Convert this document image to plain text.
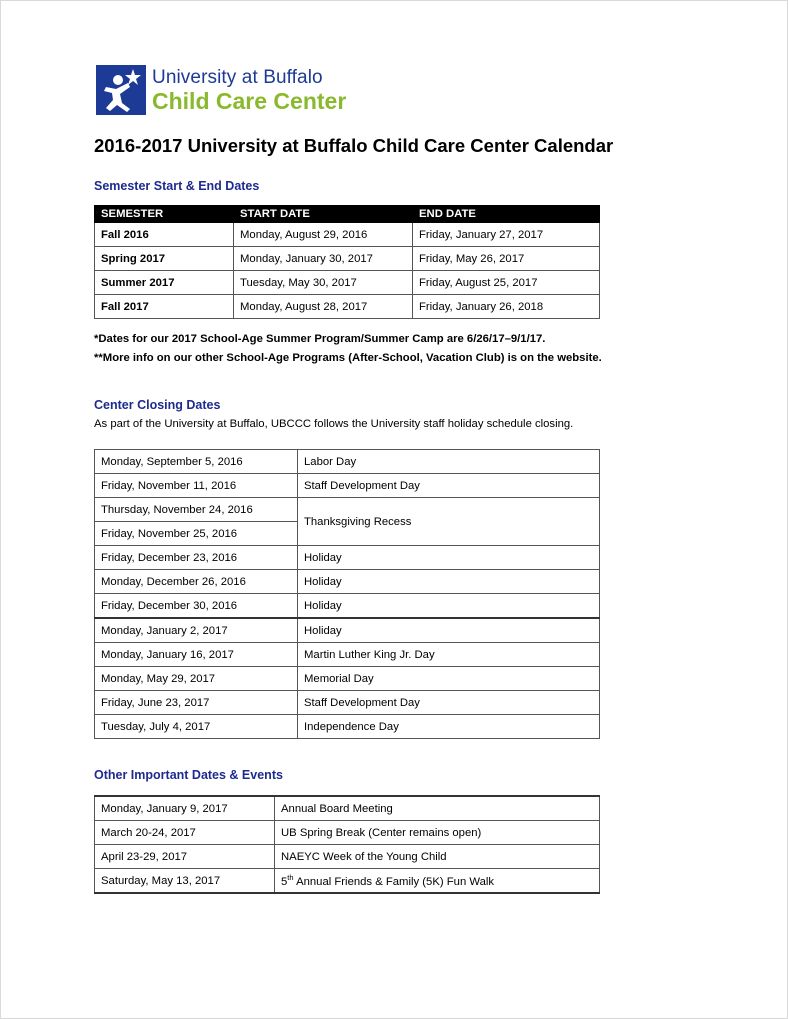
University at Buffalo
Child Care Center
2016-2017 University at Buffalo Child Care Center Calendar
Semester Start & End Dates
SEMESTER	START DATE	END DATE
Fall 2016	Monday, August 29, 2016	Friday, January 27, 2017
Spring 2017	Monday, January 30, 2017	Friday, May 26, 2017
Summer 2017	Tuesday, May 30, 2017	Friday, August 25, 2017
Fall 2017	Monday, August 28, 2017	Friday, January 26, 2018
*Dates for our 2017 School-Age Summer Program/Summer Camp are 6/26/17–9/1/17.
**More info on our other School-Age Programs (After-School, Vacation Club) is on the website.
Center Closing Dates
As part of the University at Buffalo, UBCCC follows the University staff holiday schedule closing.
Monday, September 5, 2016	Labor Day
Friday, November 11, 2016	Staff Development Day
Thursday, November 24, 2016	Thanksgiving Recess
Friday, November 25, 2016	
Friday, December 23, 2016	Holiday
Monday, December 26, 2016	Holiday
Friday, December 30, 2016	Holiday
Monday, January 2, 2017	Holiday
Monday, January 16, 2017	Martin Luther King Jr. Day
Monday, May 29, 2017	Memorial Day
Friday, June 23, 2017	Staff Development Day
Tuesday, July 4, 2017	Independence Day
Other Important Dates & Events
Monday, January 9, 2017	Annual Board Meeting
March 20-24, 2017	UB Spring Break (Center remains open)
April 23-29, 2017	NAEYC Week of the Young Child
Saturday, May 13, 2017	5th Annual Friends & Family (5K) Fun Walk
